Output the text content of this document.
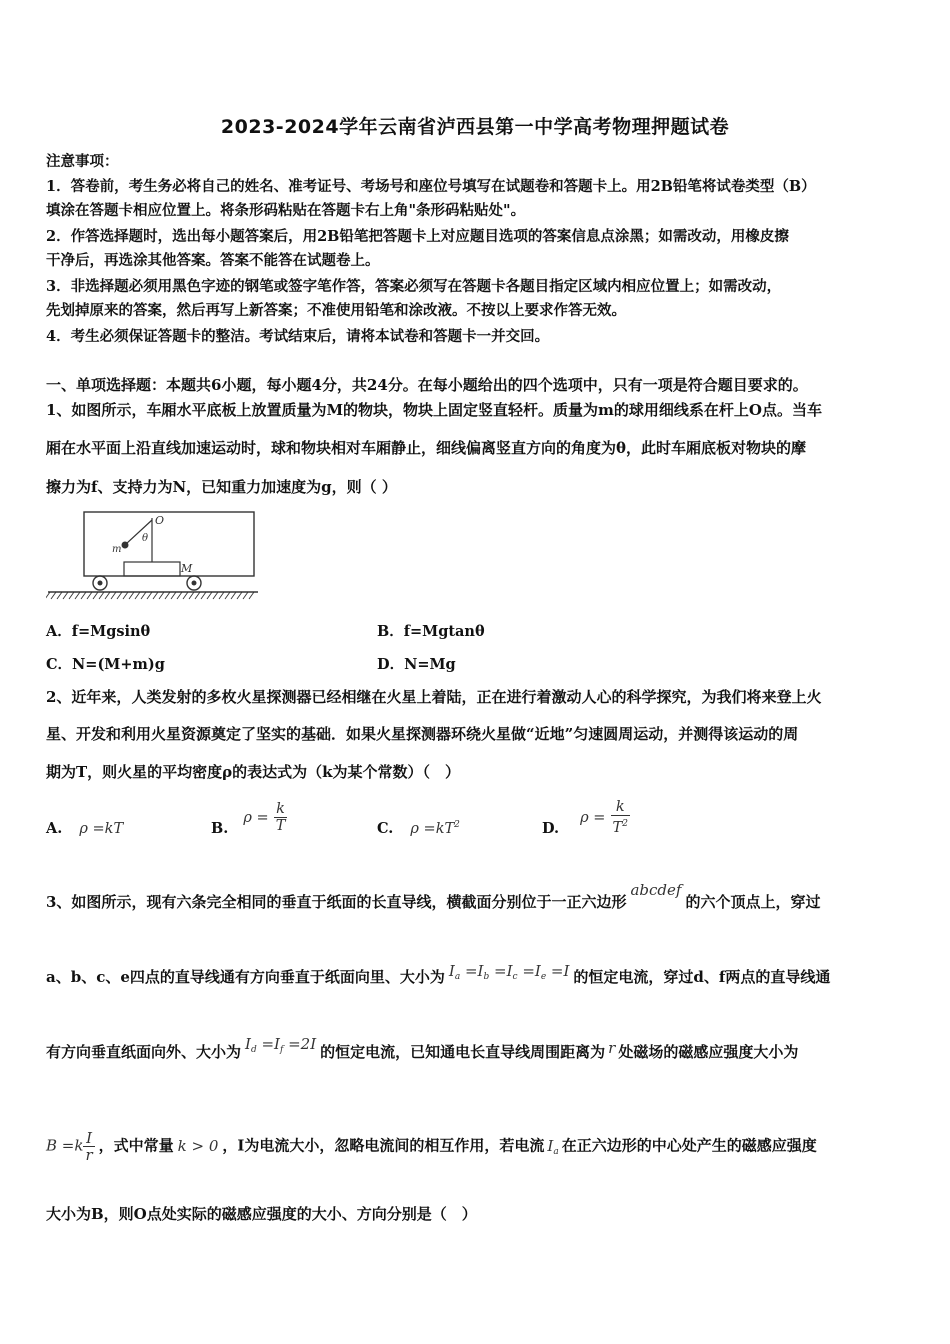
2023-2024学年云南省泸西县第一中学高考物理押题试卷
注意事项：
1．答卷前，考生务必将自己的姓名、准考证号、考场号和座位号填写在试题卷和答题卡上。用2B铅笔将试卷类型（B）
填涂在答题卡相应位置上。将条形码粘贴在答题卡右上角"条形码粘贴处"。
2．作答选择题时，选出每小题答案后，用2B铅笔把答题卡上对应题目选项的答案信息点涂黑；如需改动，用橡皮擦
干净后，再选涂其他答案。答案不能答在试题卷上。
3．非选择题必须用黑色字迹的钢笔或签字笔作答，答案必须写在答题卡各题目指定区域内相应位置上；如需改动，
先划掉原来的答案，然后再写上新答案；不准使用铅笔和涂改液。不按以上要求作答无效。
4．考生必须保证答题卡的整洁。考试结束后，请将本试卷和答题卡一并交回。
一、单项选择题：本题共6小题，每小题4分，共24分。在每小题给出的四个选项中，只有一项是符合题目要求的。
1、如图所示，车厢水平底板上放置质量为M的物块，物块上固定竖直轻杆。质量为m的球用细线系在杆上O点。当车
厢在水平面上沿直线加速运动时，球和物块相对车厢静止，细线偏离竖直方向的角度为θ，此时车厢底板对物块的摩
擦力为f、支持力为N，已知重力加速度为g，则（ ）
O
θ
m
M
A．f=Mgsinθ	B．f=Mgtanθ
C．N=(M+m)g	D．N=Mg
2、近年来，人类发射的多枚火星探测器已经相继在火星上着陆，正在进行着激动人心的科学探究，为我们将来登上火
星、开发和利用火星资源奠定了坚实的基础．如果火星探测器环绕火星做“近地”匀速圆周运动，并测得该运动的周
期为T，则火星的平均密度ρ的表达式为（k为某个常数）（　）
A. ρ =kT	B. $\rho = \frac{k}{T}$	C. $\rho =kT^2$	D. $\rho = \frac{k}{T^2}$
3、如图所示，现有六条完全相同的垂直于纸面的长直导线，横截面分别位于一正六边形abcdef的六个顶点上，穿过
a、b、c、e四点的直导线通有方向垂直于纸面向里、大小为 $I_a =I_b =I_c =I_e =I$ 的恒定电流，穿过d、f两点的直导线通
有方向垂直纸面向外、大小为 $I_d =I_f =2I$ 的恒定电流，已知通电长直导线周围距离为 r 处磁场的磁感应强度大小为
$B =k \frac{I}{r}$ ，式中常量 k > 0 ，I为电流大小，忽略电流间的相互作用，若电流 $I_a$ 在正六边形的中心处产生的磁感应强度
大小为B，则O点处实际的磁感应强度的大小、方向分别是（　）
